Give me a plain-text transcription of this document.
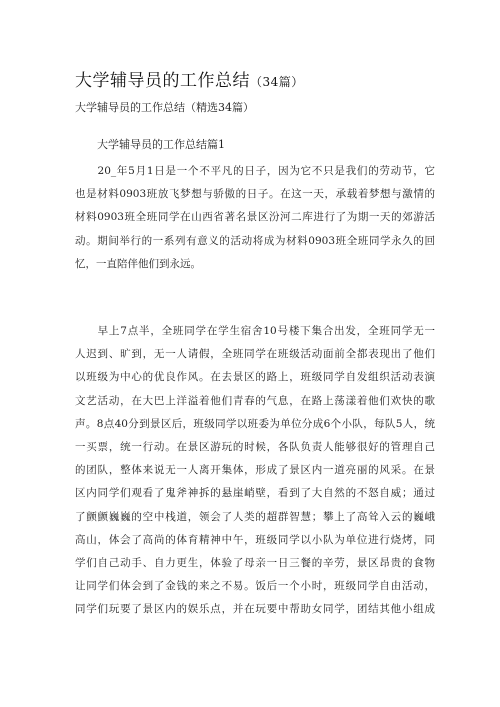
大学辅导员的工作总结（34篇）
大学辅导员的工作总结（精选34篇）
大学辅导员的工作总结篇1
　　20_年5月1日是一个不平凡的日子，因为它不只是我们的劳动节，它
也是材料0903班放飞梦想与骄傲的日子。在这一天，承载着梦想与激情的
材料0903班全班同学在山西省著名景区汾河二库进行了为期一天的郊游活
动。期间举行的一系列有意义的活动将成为材料0903班全班同学永久的回
忆，一直陪伴他们到永远。
　　早上7点半，全班同学在学生宿舍10号楼下集合出发，全班同学无一
人迟到、旷到，无一人请假，全班同学在班级活动面前全都表现出了他们
以班级为中心的优良作风。在去景区的路上，班级同学自发组织活动表演
文艺活动，在大巴上洋溢着他们青春的气息，在路上荡漾着他们欢快的歌
声。8点40分到景区后，班级同学以班委为单位分成6个小队，每队5人，统
一买票，统一行动。在景区游玩的时候，各队负责人能够很好的管理自己
的团队，整体来说无一人离开集体，形成了景区内一道亮丽的风采。在景
区内同学们观看了鬼斧神拆的悬崖峭壁，看到了大自然的不怒自威；通过
了颤颤巍巍的空中栈道，领会了人类的超群智慧；攀上了高耸入云的巍峨
高山，体会了高尚的体育精神中午，班级同学以小队为单位进行烧烤，同
学们自己动手、自力更生，体验了母亲一日三餐的辛劳，景区昂贵的食物
让同学们体会到了金钱的来之不易。饭后一个小时，班级同学自由活动，
同学们玩要了景区内的娱乐点，并在玩要中帮助女同学，团结其他小组成
